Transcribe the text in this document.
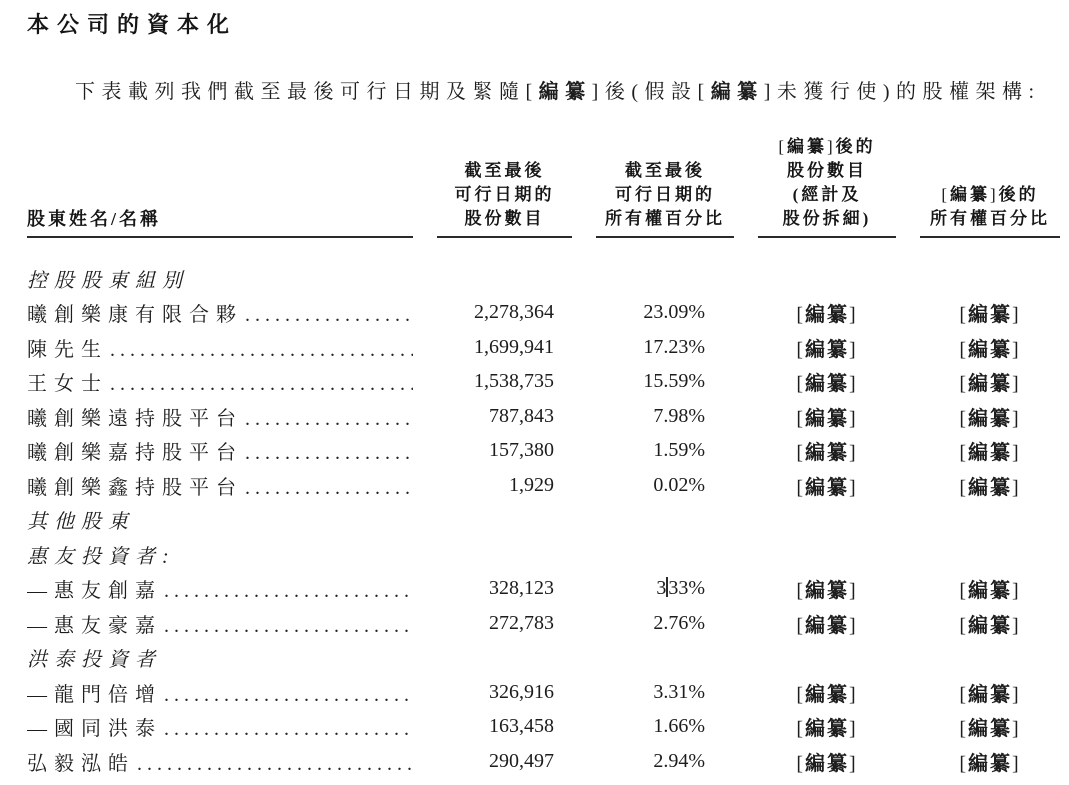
本公司的資本化

下表載列我們截至最後可行日期及緊隨[編纂]後(假設[編纂]未獲行使)的股權架構:

股東姓名/名稱
截至最後
可行日期的
股份數目
截至最後
可行日期的
所有權百分比
[編纂]後的
股份數目
(經計及
股份拆細)
[編纂]後的
所有權百分比
控股股東組別
曦創樂康有限合夥 . . .	2,278,364	23.09%	[編纂]	[編纂]
陳先生 . . .	1,699,941	17.23%	[編纂]	[編纂]
王女士 . . .	1,538,735	15.59%	[編纂]	[編纂]
曦創樂遠持股平台 . . .	787,843	7.98%	[編纂]	[編纂]
曦創樂嘉持股平台 . . .	157,380	1.59%	[編纂]	[編纂]
曦創樂鑫持股平台 . . .	1,929	0.02%	[編纂]	[編纂]
其他股東
惠友投資者:
—惠友創嘉 . . .	328,123	3 33%	[編纂]	[編纂]
—惠友豪嘉 . . .	272,783	2.76%	[編纂]	[編纂]
洪泰投資者
—龍門倍增 . . .	326,916	3.31%	[編纂]	[編纂]
—國同洪泰 . . .	163,458	1.66%	[編纂]	[編纂]
弘毅泓皓 . . .	290,497	2.94%	[編纂]	[編纂]
